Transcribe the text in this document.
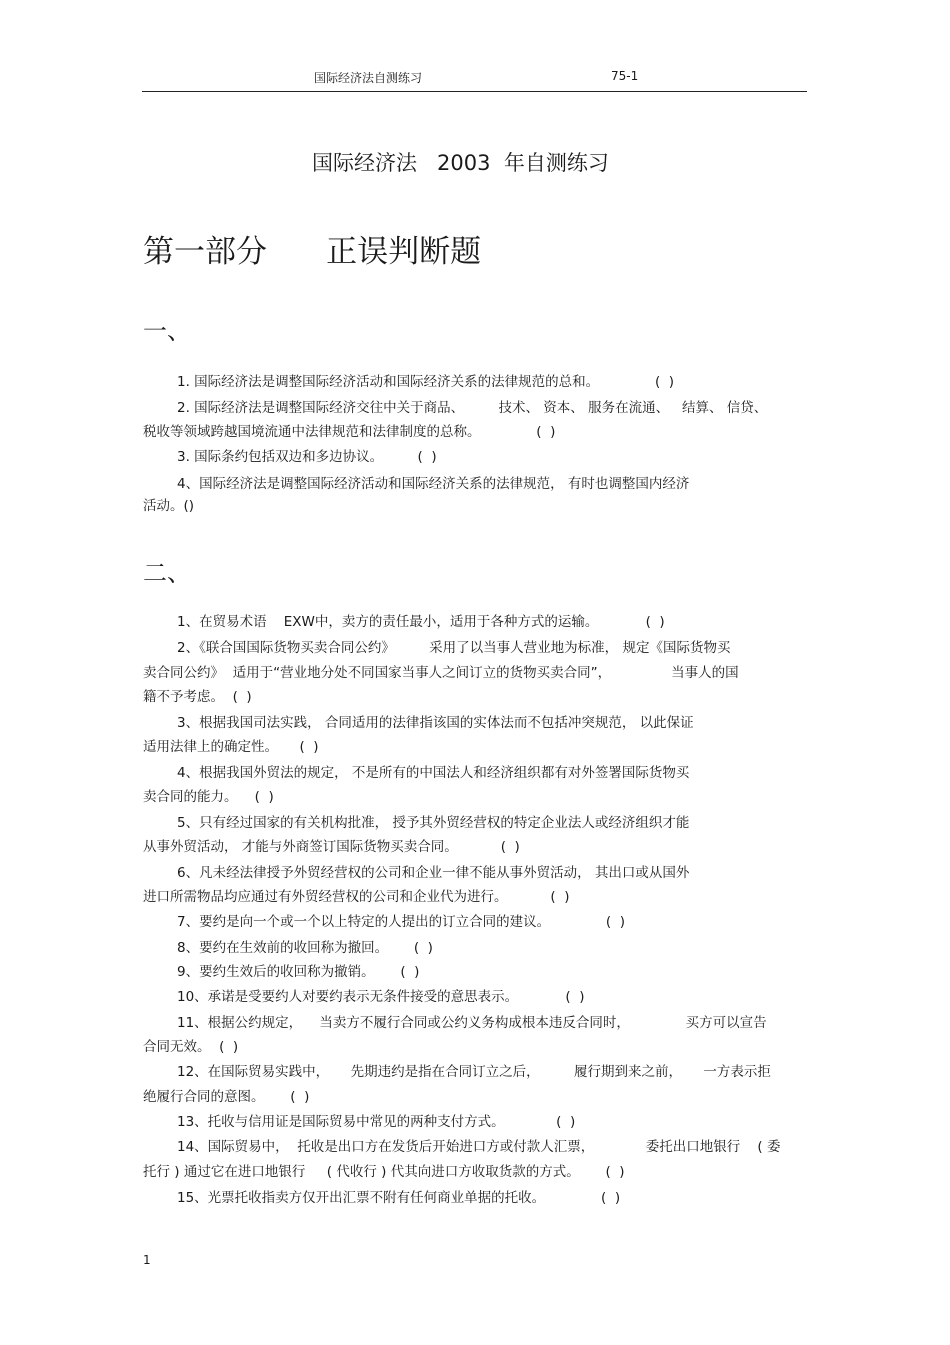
国际经济法自测练习	75-1
国际经济法   2003  年自测练习
第一部分      正误判断题
一、
1. 国际经济法是调整国际经济活动和国际经济关系的法律规范的总和。             (  )
2. 国际经济法是调整国际经济交往中关于商品、        技术、 资本、 服务在流通、   结算、 信贷、
税收等领域跨越国境流通中法律规范和法律制度的总称。             (  )
3. 国际条约包括双边和多边协议。        (  )
4、国际经济法是调整国际经济活动和国际经济关系的法律规范， 有时也调整国内经济
活动。()
二、
1、在贸易术语    EXW中，卖方的责任最小，适用于各种方式的运输。           (  )
2、《联合国国际货物买卖合同公约》        采用了以当事人营业地为标准， 规定《国际货物买
卖合同公约》  适用于“营业地分处不同国家当事人之间订立的货物买卖合同”，              当事人的国
籍不予考虑。  (  )
3、根据我国司法实践， 合同适用的法律指该国的实体法而不包括冲突规范， 以此保证
适用法律上的确定性。     (  )
4、根据我国外贸法的规定， 不是所有的中国法人和经济组织都有对外签署国际货物买
卖合同的能力。    (  )
5、只有经过国家的有关机构批准， 授予其外贸经营权的特定企业法人或经济组织才能
从事外贸活动， 才能与外商签订国际货物买卖合同。          (  )
6、凡未经法律授予外贸经营权的公司和企业一律不能从事外贸活动， 其出口或从国外
进口所需物品均应通过有外贸经营权的公司和企业代为进行。          (  )
7、要约是向一个或一个以上特定的人提出的订立合同的建议。             (  )
8、要约在生效前的收回称为撤回。      (  )
9、要约生效后的收回称为撤销。      (  )
10、承诺是受要约人对要约表示无条件接受的意思表示。           (  )
11、根据公约规定，    当卖方不履行合同或公约义务构成根本违反合同时，             买方可以宣告
合同无效。  (  )
12、在国际贸易实践中，     先期违约是指在合同订立之后，        履行期到来之前，     一方表示拒
绝履行合同的意图。      (  )
13、托收与信用证是国际贸易中常见的两种支付方式。            (  )
14、国际贸易中，  托收是出口方在发货后开始进口方或付款人汇票，            委托出口地银行    ( 委
托行 ) 通过它在进口地银行     ( 代收行 ) 代其向进口方收取货款的方式。      (  )
15、光票托收指卖方仅开出汇票不附有任何商业单据的托收。             (  )
1
